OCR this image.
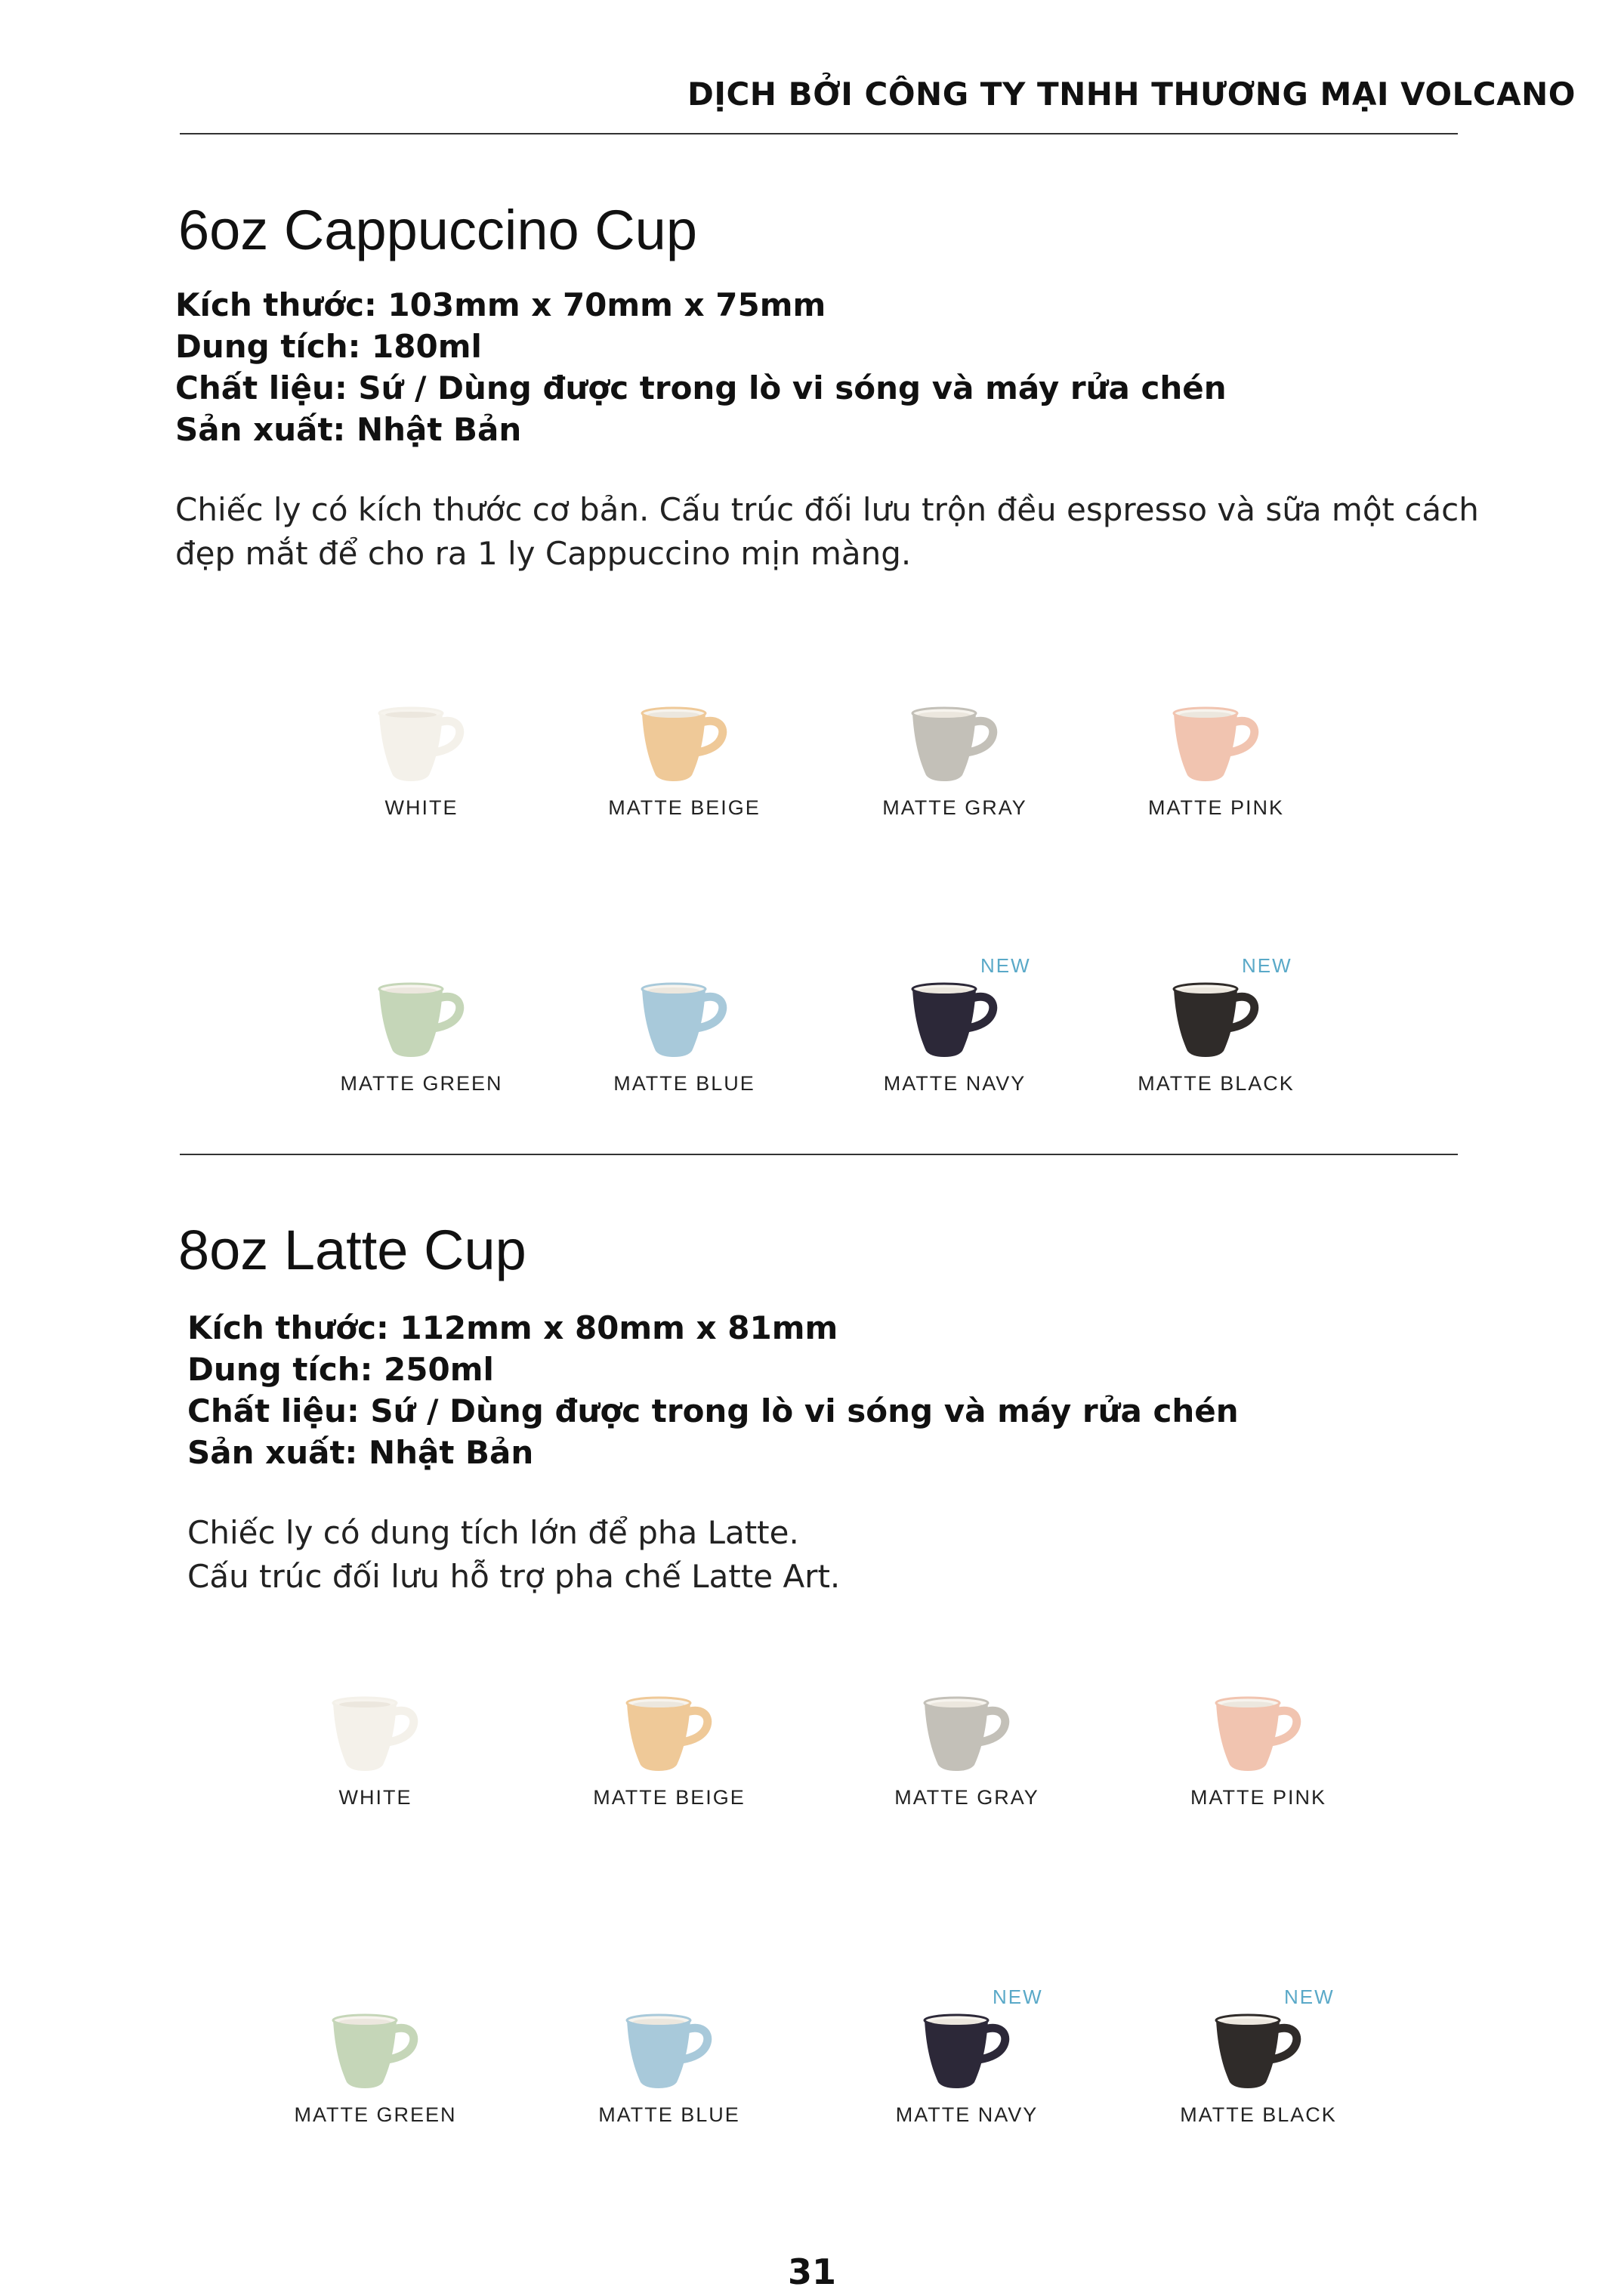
DỊCH BỞI CÔNG TY TNHH THƯƠNG MẠI VOLCANO
6oz Cappuccino Cup
Kích thước: 103mm x 70mm x 75mm
Dung tích: 180ml
Chất liệu: Sứ / Dùng được trong lò vi sóng và máy rửa chén
Sản xuất: Nhật Bản
Chiếc ly có kích thước cơ bản. Cấu trúc đối lưu trộn đều espresso và sữa một cách
đẹp mắt để cho ra 1 ly Cappuccino mịn màng.
WHITE	MATTE BEIGE	MATTE GRAY	MATTE PINK
MATTE GREEN	MATTE BLUE	MATTE NAVY
NEW
MATTE BLACK
NEW
8oz Latte Cup
Kích thước: 112mm x 80mm x 81mm
Dung tích: 250ml
Chất liệu: Sứ / Dùng được trong lò vi sóng và máy rửa chén
Sản xuất: Nhật Bản
Chiếc ly có dung tích lớn để pha Latte.
Cấu trúc đối lưu hỗ trợ pha chế Latte Art.
WHITE	MATTE BEIGE	MATTE GRAY	MATTE PINK
MATTE GREEN	MATTE BLUE	MATTE NAVY
NEW
MATTE BLACK
NEW
31
